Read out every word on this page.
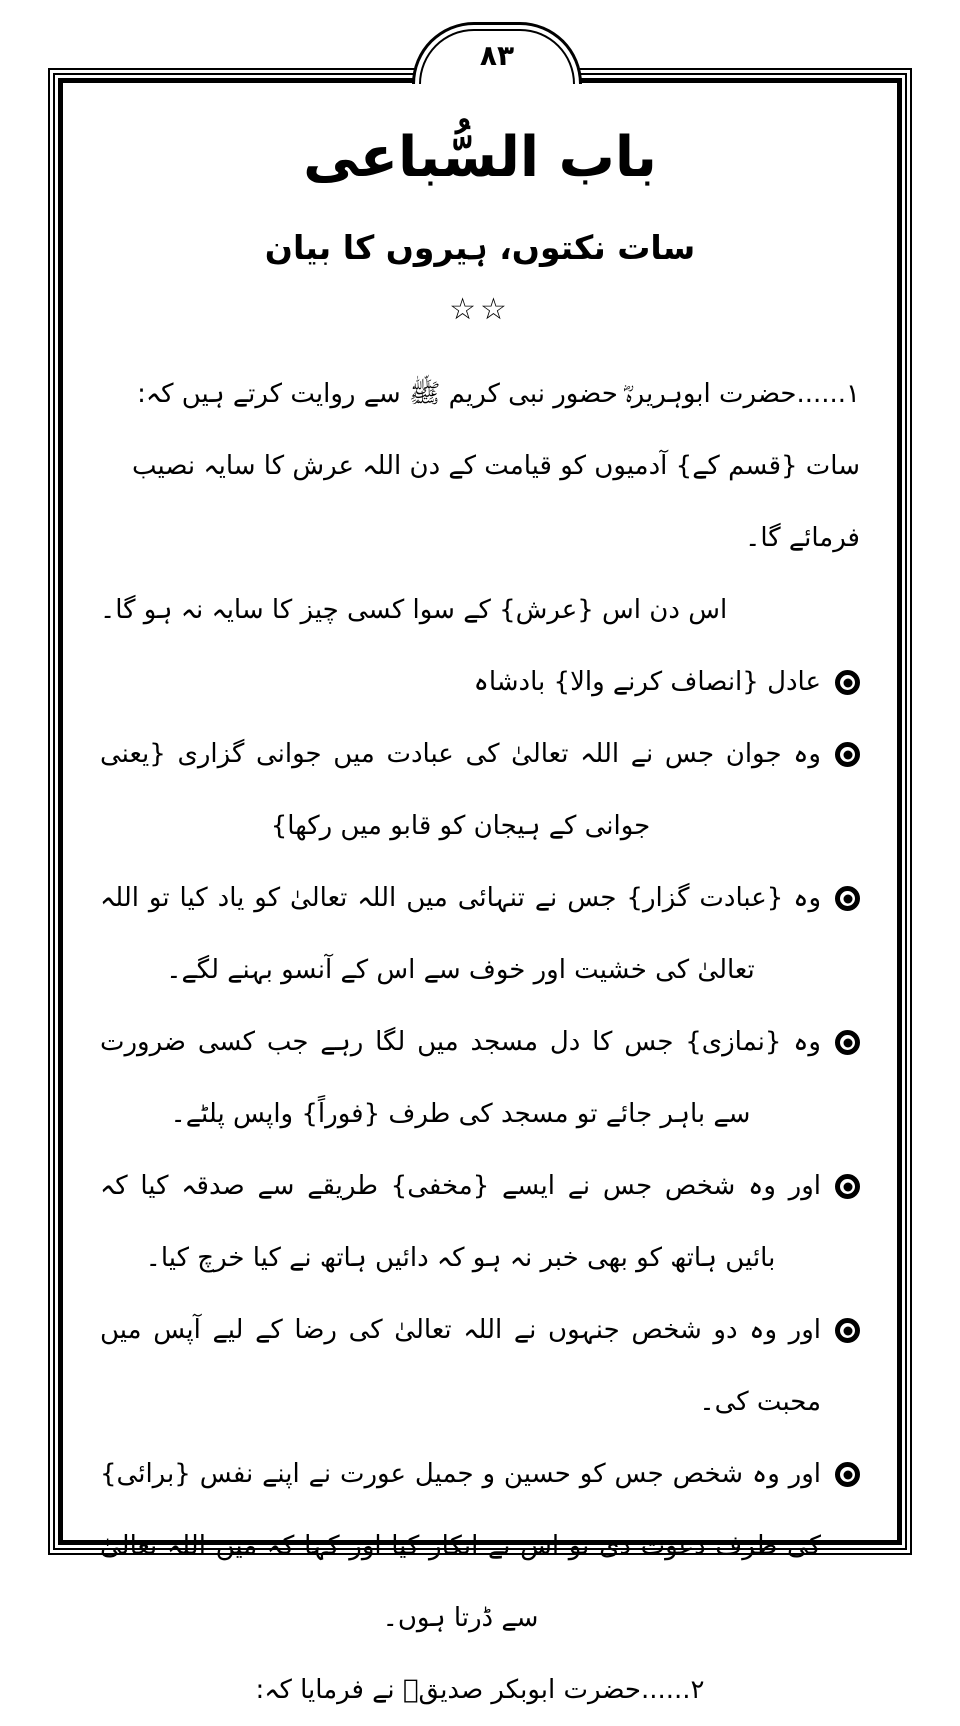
۸۳
باب السُّباعی
سات نکتوں، ہیروں کا بیان
☆☆
۱......حضرت ابوہریرہؓ حضور نبی کریم ﷺ سے روایت کرتے ہیں کہ:
سات {قسم کے} آدمیوں کو قیامت کے دن اللہ عرش کا سایہ نصیب فرمائے گا۔
اس دن اس {عرش} کے سوا کسی چیز کا سایہ نہ ہو گا۔
عادل {انصاف کرنے والا} بادشاہ
وہ جوان جس نے اللہ تعالیٰ کی عبادت میں جوانی گزاری {یعنی جوانی کے ہیجان کو قابو میں رکھا}
وہ {عبادت گزار} جس نے تنہائی میں اللہ تعالیٰ کو یاد کیا تو اللہ تعالیٰ کی خشیت اور خوف سے اس کے آنسو بہنے لگے۔
وہ {نمازی} جس کا دل مسجد میں لگا رہے جب کسی ضرورت سے باہر جائے تو مسجد کی طرف {فوراً} واپس پلٹے۔
اور وہ شخص جس نے ایسے {مخفی} طریقے سے صدقہ کیا کہ بائیں ہاتھ کو بھی خبر نہ ہو کہ دائیں ہاتھ نے کیا خرچ کیا۔
اور وہ دو شخص جنہوں نے اللہ تعالیٰ کی رضا کے لیے آپس میں محبت کی۔
اور وہ شخص جس کو حسین و جمیل عورت نے اپنے نفس {برائی} کی طرف دعوت دی تو اس نے انکار کیا اور کہا کہ میں اللہ تعالیٰ سے ڈرتا ہوں۔
۲......حضرت ابوبکر صدیقؓ نے فرمایا کہ:
